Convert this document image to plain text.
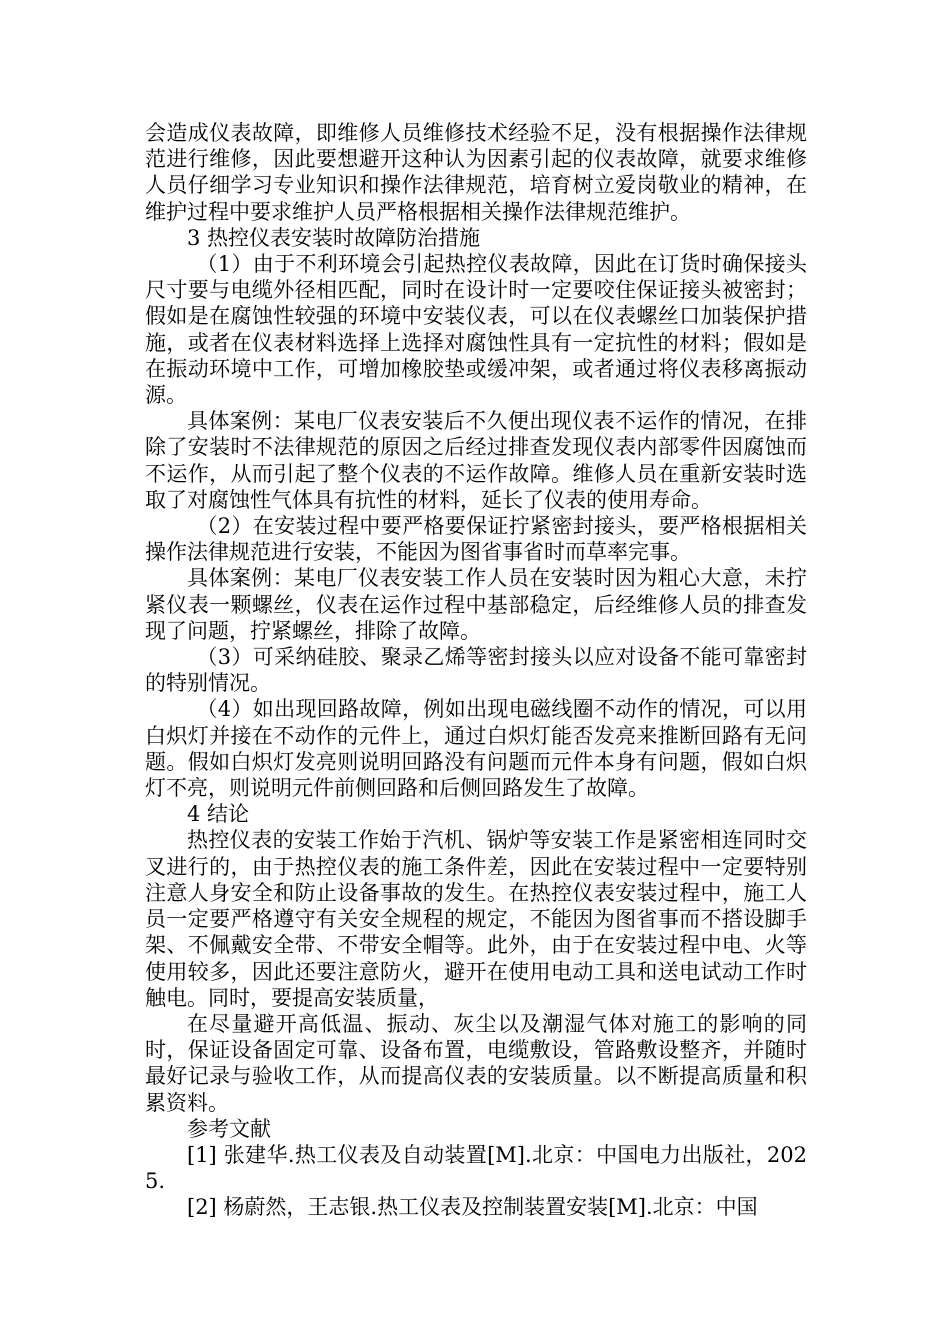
会造成仪表故障，即维修人员维修技术经验不足，没有根据操作法律规范进行维修，因此要想避开这种认为因素引起的仪表故障，就要求维修人员仔细学习专业知识和操作法律规范，培育树立爱岗敬业的精神，在维护过程中要求维护人员严格根据相关操作法律规范维护。

3 热控仪表安装时故障防治措施

（1）由于不利环境会引起热控仪表故障，因此在订货时确保接头尺寸要与电缆外径相匹配，同时在设计时一定要咬住保证接头被密封；假如是在腐蚀性较强的环境中安装仪表，可以在仪表螺丝口加装保护措施，或者在仪表材料选择上选择对腐蚀性具有一定抗性的材料；假如是在振动环境中工作，可增加橡胶垫或缓冲架，或者通过将仪表移离振动源。

具体案例：某电厂仪表安装后不久便出现仪表不运作的情况，在排除了安装时不法律规范的原因之后经过排查发现仪表内部零件因腐蚀而不运作，从而引起了整个仪表的不运作故障。维修人员在重新安装时选取了对腐蚀性气体具有抗性的材料，延长了仪表的使用寿命。

（2）在安装过程中要严格要保证拧紧密封接头，要严格根据相关操作法律规范进行安装，不能因为图省事省时而草率完事。

具体案例：某电厂仪表安装工作人员在安装时因为粗心大意，未拧紧仪表一颗螺丝，仪表在运作过程中基部稳定，后经维修人员的排查发现了问题，拧紧螺丝，排除了故障。

（3）可采纳硅胶、聚录乙烯等密封接头以应对设备不能可靠密封的特别情况。

（4）如出现回路故障，例如出现电磁线圈不动作的情况，可以用白炽灯并接在不动作的元件上，通过白炽灯能否发亮来推断回路有无问题。假如白炽灯发亮则说明回路没有问题而元件本身有问题，假如白炽灯不亮，则说明元件前侧回路和后侧回路发生了故障。

4 结论

热控仪表的安装工作始于汽机、锅炉等安装工作是紧密相连同时交叉进行的，由于热控仪表的施工条件差，因此在安装过程中一定要特别注意人身安全和防止设备事故的发生。在热控仪表安装过程中，施工人员一定要严格遵守有关安全规程的规定，不能因为图省事而不搭设脚手架、不佩戴安全带、不带安全帽等。此外，由于在安装过程中电、火等使用较多，因此还要注意防火，避开在使用电动工具和送电试动工作时触电。同时，要提高安装质量，

在尽量避开高低温、振动、灰尘以及潮湿气体对施工的影响的同时，保证设备固定可靠、设备布置，电缆敷设，管路敷设整齐，并随时最好记录与验收工作，从而提高仪表的安装质量。以不断提高质量和积累资料。

参考文献

[1] 张建华.热工仪表及自动装置[M].北京：中国电力出版社，2025.

[2] 杨蔚然，王志银.热工仪表及控制装置安装[M].北京：中国
